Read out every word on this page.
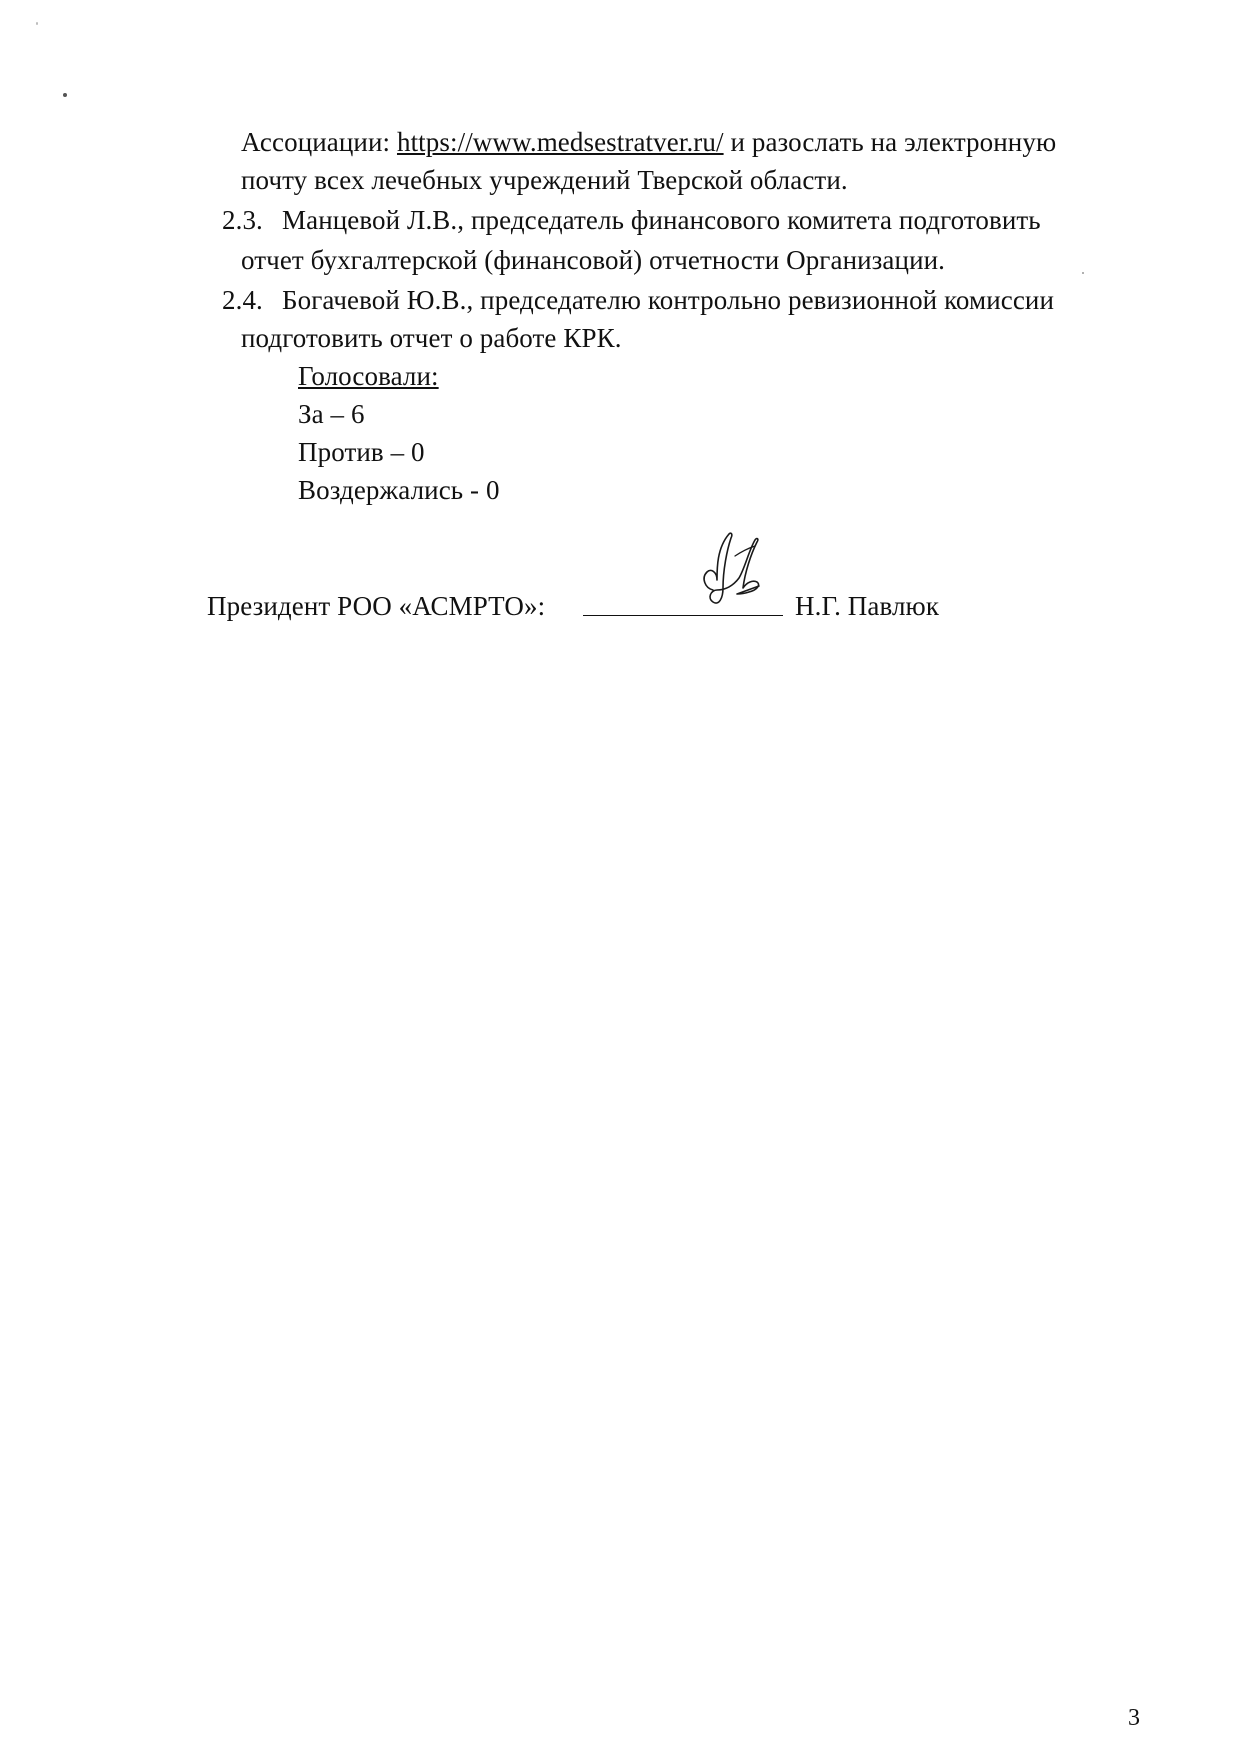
Ассоциации: https://www.medsestratver.ru/ и разослать на электронную
почту всех лечебных учреждений Тверской области.
2.3. Манцевой Л.В., председатель финансового комитета подготовить
отчет бухгалтерской (финансовой) отчетности Организации.
2.4. Богачевой Ю.В., председателю контрольно ревизионной комиссии
подготовить отчет о работе КРК.
Голосовали:
За – 6
Против – 0
Воздержались - 0
Президент РОО «АСМРТО»:	Н.Г. Павлюк
3
